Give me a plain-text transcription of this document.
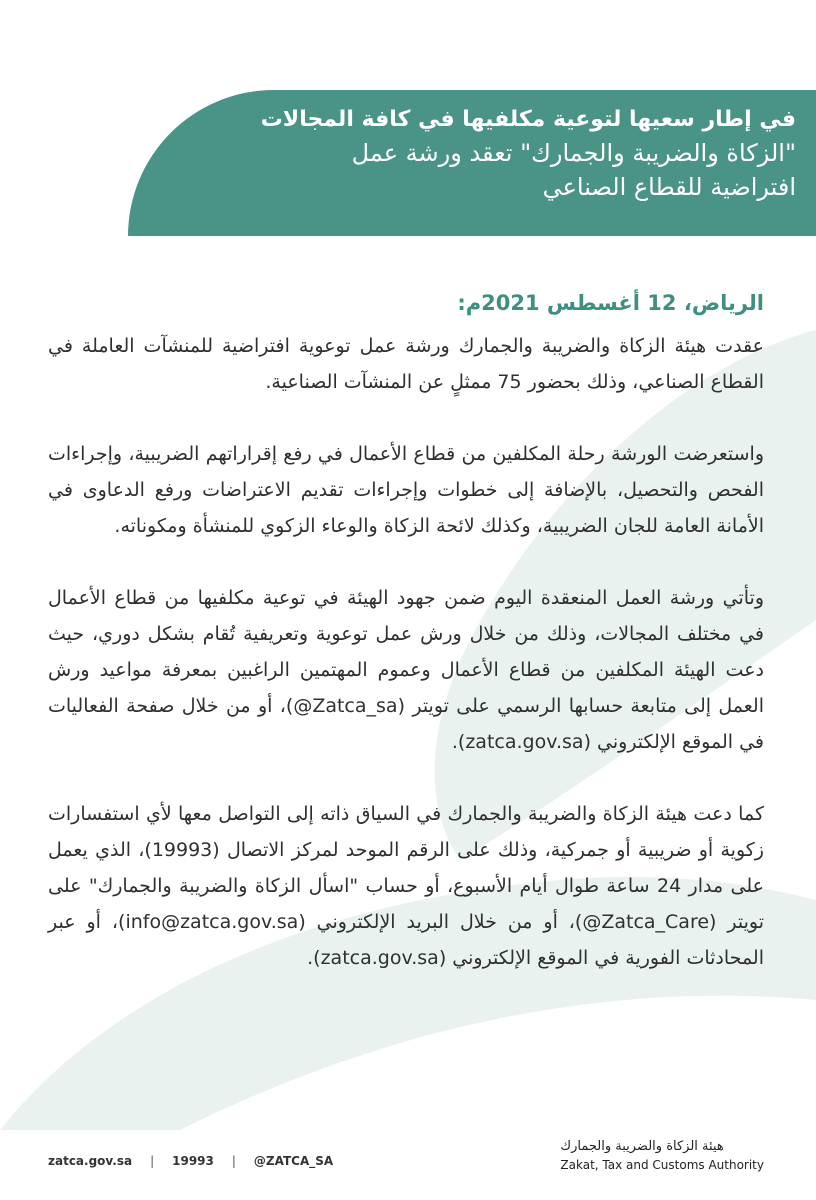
في إطار سعيها لتوعية مكلفيها في كافة المجالات
"الزكاة والضريبة والجمارك" تعقد ورشة عمل
افتراضية للقطاع الصناعي
الرياض، 12 أغسطس 2021م:

عقدت هيئة الزكاة والضريبة والجمارك ورشة عمل توعوية افتراضية للمنشآت العاملة في القطاع الصناعي، وذلك بحضور 75 ممثلٍ عن المنشآت الصناعية.

واستعرضت الورشة رحلة المكلفين من قطاع الأعمال في رفع إقراراتهم الضريبية، وإجراءات الفحص والتحصيل، بالإضافة إلى خطوات وإجراءات تقديم الاعتراضات ورفع الدعاوى في الأمانة العامة للجان الضريبية، وكذلك لائحة الزكاة والوعاء الزكوي للمنشأة ومكوناته.

وتأتي ورشة العمل المنعقدة اليوم ضمن جهود الهيئة في توعية مكلفيها من قطاع الأعمال في مختلف المجالات، وذلك من خلال ورش عمل توعوية وتعريفية تُقام بشكل دوري، حيث دعت الهيئة المكلفين من قطاع الأعمال وعموم المهتمين الراغبين بمعرفة مواعيد ورش العمل إلى متابعة حسابها الرسمي على تويتر (Zatca_sa@)، أو من خلال صفحة الفعاليات في الموقع الإلكتروني (zatca.gov.sa).

كما دعت هيئة الزكاة والضريبة والجمارك في السياق ذاته إلى التواصل معها لأي استفسارات زكوية أو ضريبية أو جمركية، وذلك على الرقم الموحد لمركز الاتصال (19993)، الذي يعمل على مدار 24 ساعة طوال أيام الأسبوع، أو حساب "اسأل الزكاة والضريبة والجمارك" على تويتر (Zatca_Care@)، أو من خلال البريد الإلكتروني (info@zatca.gov.sa)، أو عبر المحادثات الفورية في الموقع الإلكتروني (zatca.gov.sa).

zatca.gov.sa | 19993 | @ZATCA_SA
هيئة الزكاة والضريبة والجمارك
Zakat, Tax and Customs Authority
